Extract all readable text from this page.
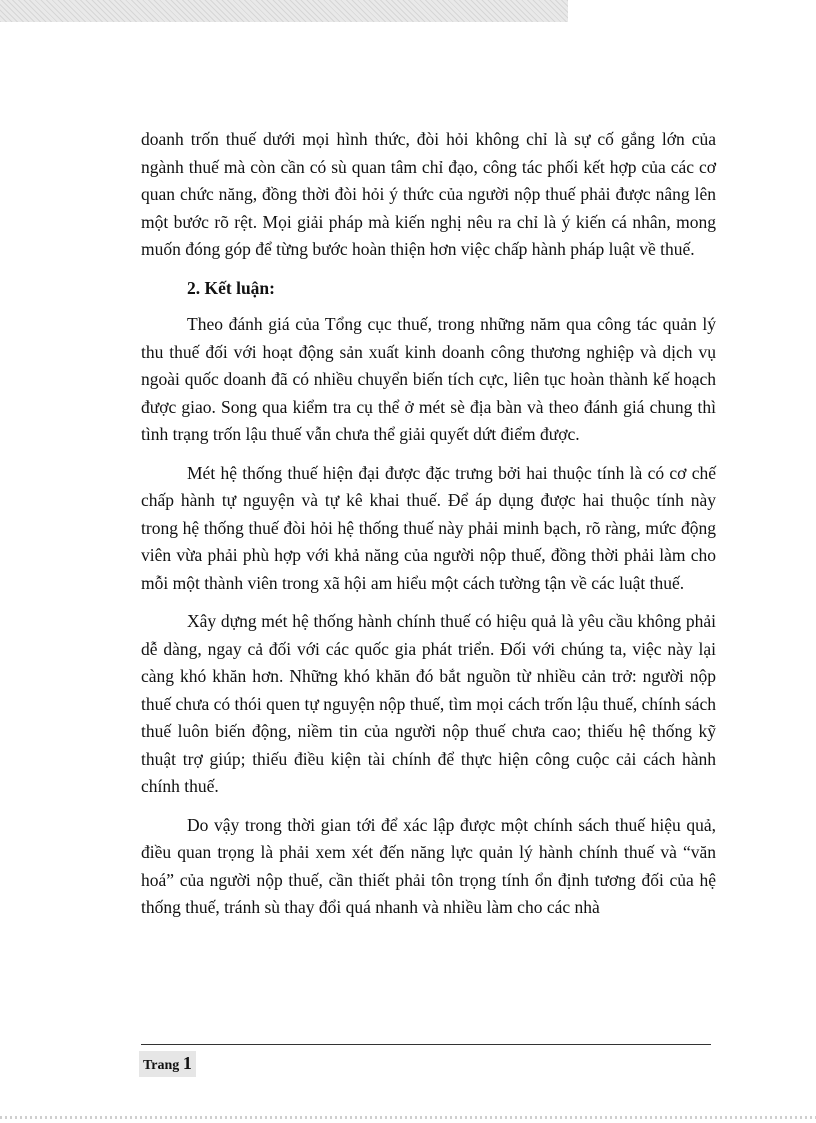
doanh trốn thuế dưới mọi hình thức, đòi hỏi không chỉ là sự cố gắng lớn của ngành thuế mà còn cần có sù quan tâm chỉ đạo, công tác phối kết hợp của các cơ quan chức năng, đồng thời đòi hỏi ý thức của người nộp thuế phải được nâng lên một bước rõ rệt. Mọi giải pháp mà kiến nghị nêu ra chỉ là ý kiến cá nhân, mong muốn đóng góp để từng bước hoàn thiện hơn việc chấp hành pháp luật về thuế.

2. Kết luận:

Theo đánh giá của Tổng cục thuế, trong những năm qua công tác quản lý thu thuế đối với hoạt động sản xuất kinh doanh công thương nghiệp và dịch vụ ngoài quốc doanh đã có nhiều chuyển biến tích cực, liên tục hoàn thành kế hoạch được giao. Song qua kiểm tra cụ thể ở mét sè địa bàn và theo đánh giá chung thì tình trạng trốn lậu thuế vẫn chưa thể giải quyết dứt điểm được.

Mét hệ thống thuế hiện đại được đặc trưng bởi hai thuộc tính là có cơ chế chấp hành tự nguyện và tự kê khai thuế. Để áp dụng được hai thuộc tính này trong hệ thống thuế đòi hỏi hệ thống thuế này phải minh bạch, rõ ràng, mức động viên vừa phải phù hợp với khả năng của người nộp thuế, đồng thời phải làm cho mỗi một thành viên trong xã hội am hiểu một cách tường tận về các luật thuế.

Xây dựng mét hệ thống hành chính thuế có hiệu quả là yêu cầu không phải dễ dàng, ngay cả đối với các quốc gia phát triển. Đối với chúng ta, việc này lại càng khó khăn hơn. Những khó khăn đó bắt nguồn từ nhiều cản trở: người nộp thuế chưa có thói quen tự nguyện nộp thuế, tìm mọi cách trốn lậu thuế, chính sách thuế luôn biến động, niềm tin của người nộp thuế chưa cao; thiếu hệ thống kỹ thuật trợ giúp; thiếu điều kiện tài chính để thực hiện công cuộc cải cách hành chính thuế.

Do vậy trong thời gian tới để xác lập được một chính sách thuế hiệu quả, điều quan trọng là phải xem xét đến năng lực quản lý hành chính thuế và “văn hoá” của người nộp thuế, cần thiết phải tôn trọng tính ổn định tương đối của hệ thống thuế, tránh sù thay đổi quá nhanh và nhiều làm cho các nhà

Trang 1
